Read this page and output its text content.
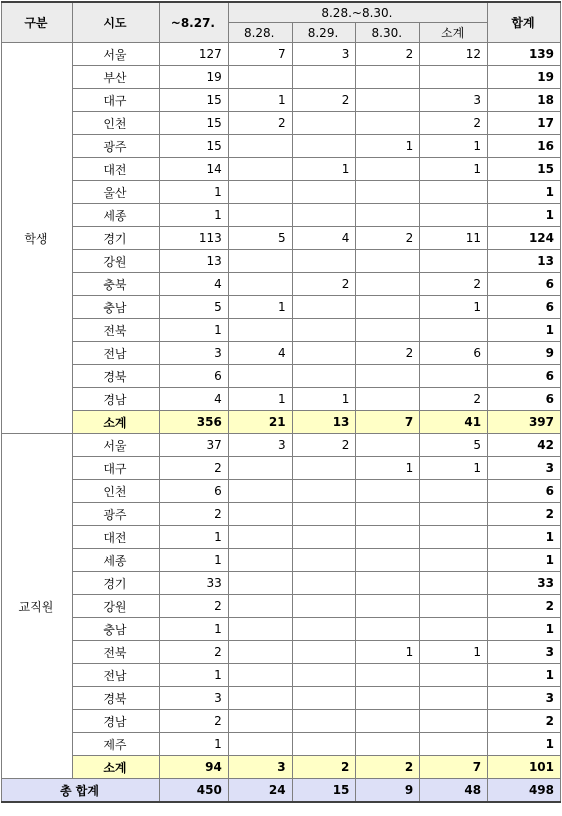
구분	시도	~8.27.	8.28.~8.30.				합계
			8.28.	8.29.	8.30.	소계	
학생	서울	127	7	3	2	12	139
	부산	19					19
	대구	15	1	2		3	18
	인천	15	2			2	17
	광주	15			1	1	16
	대전	14		1		1	15
	울산	1					1
	세종	1					1
	경기	113	5	4	2	11	124
	강원	13					13
	충북	4		2		2	6
	충남	5	1			1	6
	전북	1					1
	전남	3	4		2	6	9
	경북	6					6
	경남	4	1	1		2	6
	소계	356	21	13	7	41	397
교직원	서울	37	3	2		5	42
	대구	2			1	1	3
	인천	6					6
	광주	2					2
	대전	1					1
	세종	1					1
	경기	33					33
	강원	2					2
	충남	1					1
	전북	2			1	1	3
	전남	1					1
	경북	3					3
	경남	2					2
	제주	1					1
	소계	94	3	2	2	7	101
총 합계		450	24	15	9	48	498
